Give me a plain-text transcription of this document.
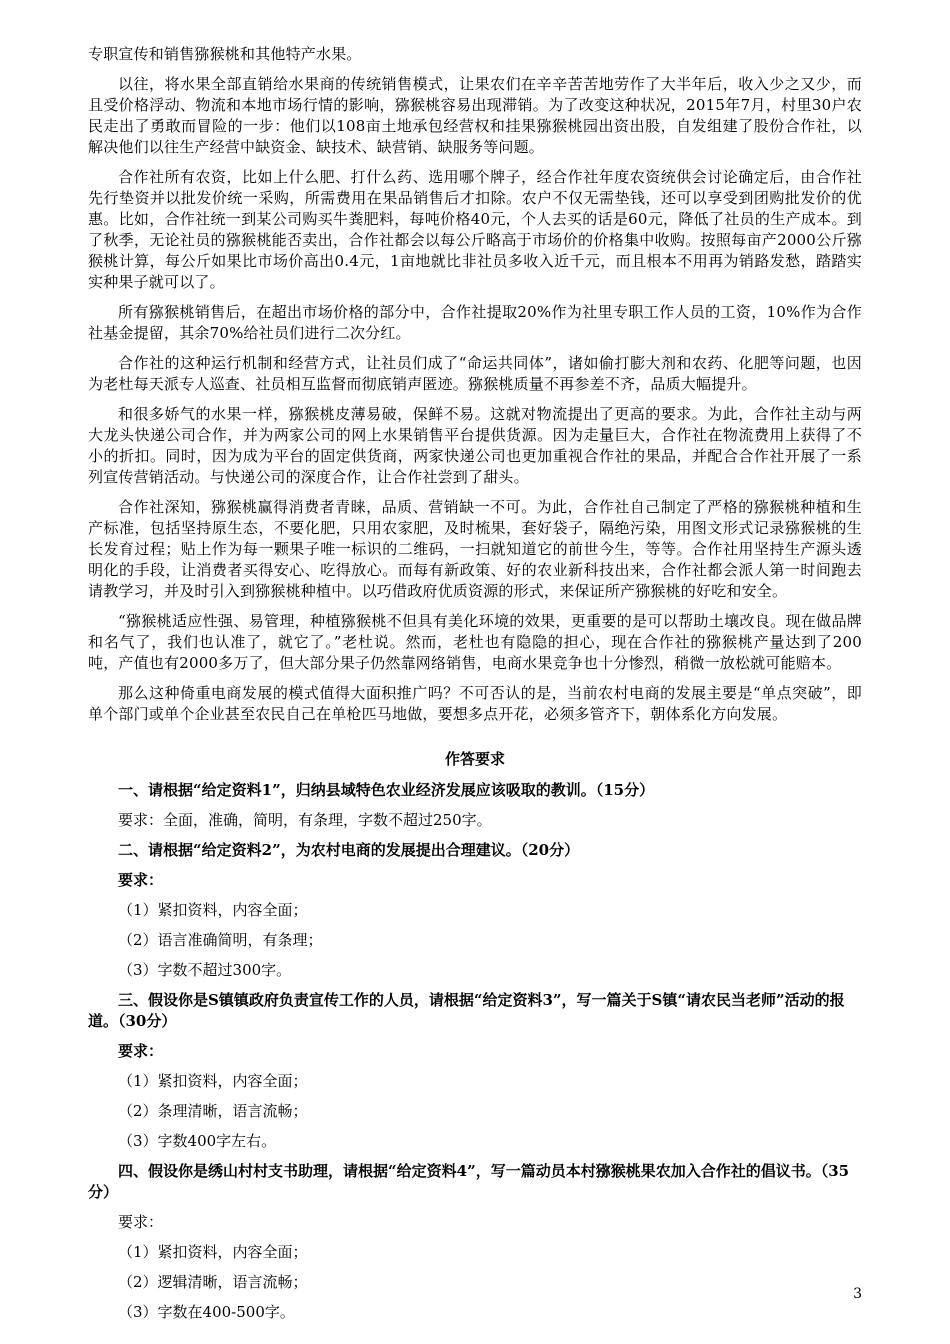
专职宣传和销售猕猴桃和其他特产水果。

以往，将水果全部直销给水果商的传统销售模式，让果农们在辛辛苦苦地劳作了大半年后，收入少之又少，而且受价格浮动、物流和本地市场行情的影响，猕猴桃容易出现滞销。为了改变这种状况，2015年7月，村里30户农民走出了勇敢而冒险的一步：他们以108亩土地承包经营权和挂果猕猴桃园出资出股，自发组建了股份合作社，以解决他们以往生产经营中缺资金、缺技术、缺营销、缺服务等问题。

合作社所有农资，比如上什么肥、打什么药、选用哪个牌子，经合作社年度农资统供会讨论确定后，由合作社先行垫资并以批发价统一采购，所需费用在果品销售后才扣除。农户不仅无需垫钱，还可以享受到团购批发价的优惠。比如，合作社统一到某公司购买牛粪肥料，每吨价格40元，个人去买的话是60元，降低了社员的生产成本。到了秋季，无论社员的猕猴桃能否卖出，合作社都会以每公斤略高于市场价的价格集中收购。按照每亩产2000公斤猕猴桃计算，每公斤如果比市场价高出0.4元，1亩地就比非社员多收入近千元，而且根本不用再为销路发愁，踏踏实实种果子就可以了。

所有猕猴桃销售后，在超出市场价格的部分中，合作社提取20%作为社里专职工作人员的工资，10%作为合作社基金提留，其余70%给社员们进行二次分红。

合作社的这种运行机制和经营方式，让社员们成了“命运共同体”，诸如偷打膨大剂和农药、化肥等问题，也因为老杜每天派专人巡查、社员相互监督而彻底销声匿迹。猕猴桃质量不再参差不齐，品质大幅提升。

和很多娇气的水果一样，猕猴桃皮薄易破，保鲜不易。这就对物流提出了更高的要求。为此，合作社主动与两大龙头快递公司合作，并为两家公司的网上水果销售平台提供货源。因为走量巨大，合作社在物流费用上获得了不小的折扣。同时，因为成为平台的固定供货商，两家快递公司也更加重视合作社的果品，并配合合作社开展了一系列宣传营销活动。与快递公司的深度合作，让合作社尝到了甜头。

合作社深知，猕猴桃赢得消费者青睐，品质、营销缺一不可。为此，合作社自己制定了严格的猕猴桃种植和生产标准，包括坚持原生态，不要化肥，只用农家肥，及时梳果，套好袋子，隔绝污染，用图文形式记录猕猴桃的生长发育过程；贴上作为每一颗果子唯一标识的二维码，一扫就知道它的前世今生，等等。合作社用坚持生产源头透明化的手段，让消费者买得安心、吃得放心。而每有新政策、好的农业新科技出来，合作社都会派人第一时间跑去请教学习，并及时引入到猕猴桃种植中。以巧借政府优质资源的形式，来保证所产猕猴桃的好吃和安全。

“猕猴桃适应性强、易管理，种植猕猴桃不但具有美化环境的效果，更重要的是可以帮助土壤改良。现在做品牌和名气了，我们也认准了，就它了。”老杜说。然而，老杜也有隐隐的担心，现在合作社的猕猴桃产量达到了200吨，产值也有2000多万了，但大部分果子仍然靠网络销售，电商水果竞争也十分惨烈，稍微一放松就可能赔本。

那么这种倚重电商发展的模式值得大面积推广吗？不可否认的是，当前农村电商的发展主要是“单点突破”，即单个部门或单个企业甚至农民自己在单枪匹马地做，要想多点开花，必须多管齐下，朝体系化方向发展。

作答要求

一、请根据“给定资料1”，归纳县域特色农业经济发展应该吸取的教训。（15分）

要求：全面，准确，简明，有条理，字数不超过250字。

二、请根据“给定资料2”，为农村电商的发展提出合理建议。（20分）

要求：

（1）紧扣资料，内容全面；

（2）语言准确简明，有条理；

（3）字数不超过300字。

三、假设你是S镇镇政府负责宣传工作的人员，请根据“给定资料3”，写一篇关于S镇“请农民当老师”活动的报道。（30分）

要求：

（1）紧扣资料，内容全面；

（2）条理清晰，语言流畅；

（3）字数400字左右。

四、假设你是绣山村村支书助理，请根据“给定资料4”，写一篇动员本村猕猴桃果农加入合作社的倡议书。（35分）

要求：

（1）紧扣资料，内容全面；

（2）逻辑清晰，语言流畅；

（3）字数在400-500字。

3
